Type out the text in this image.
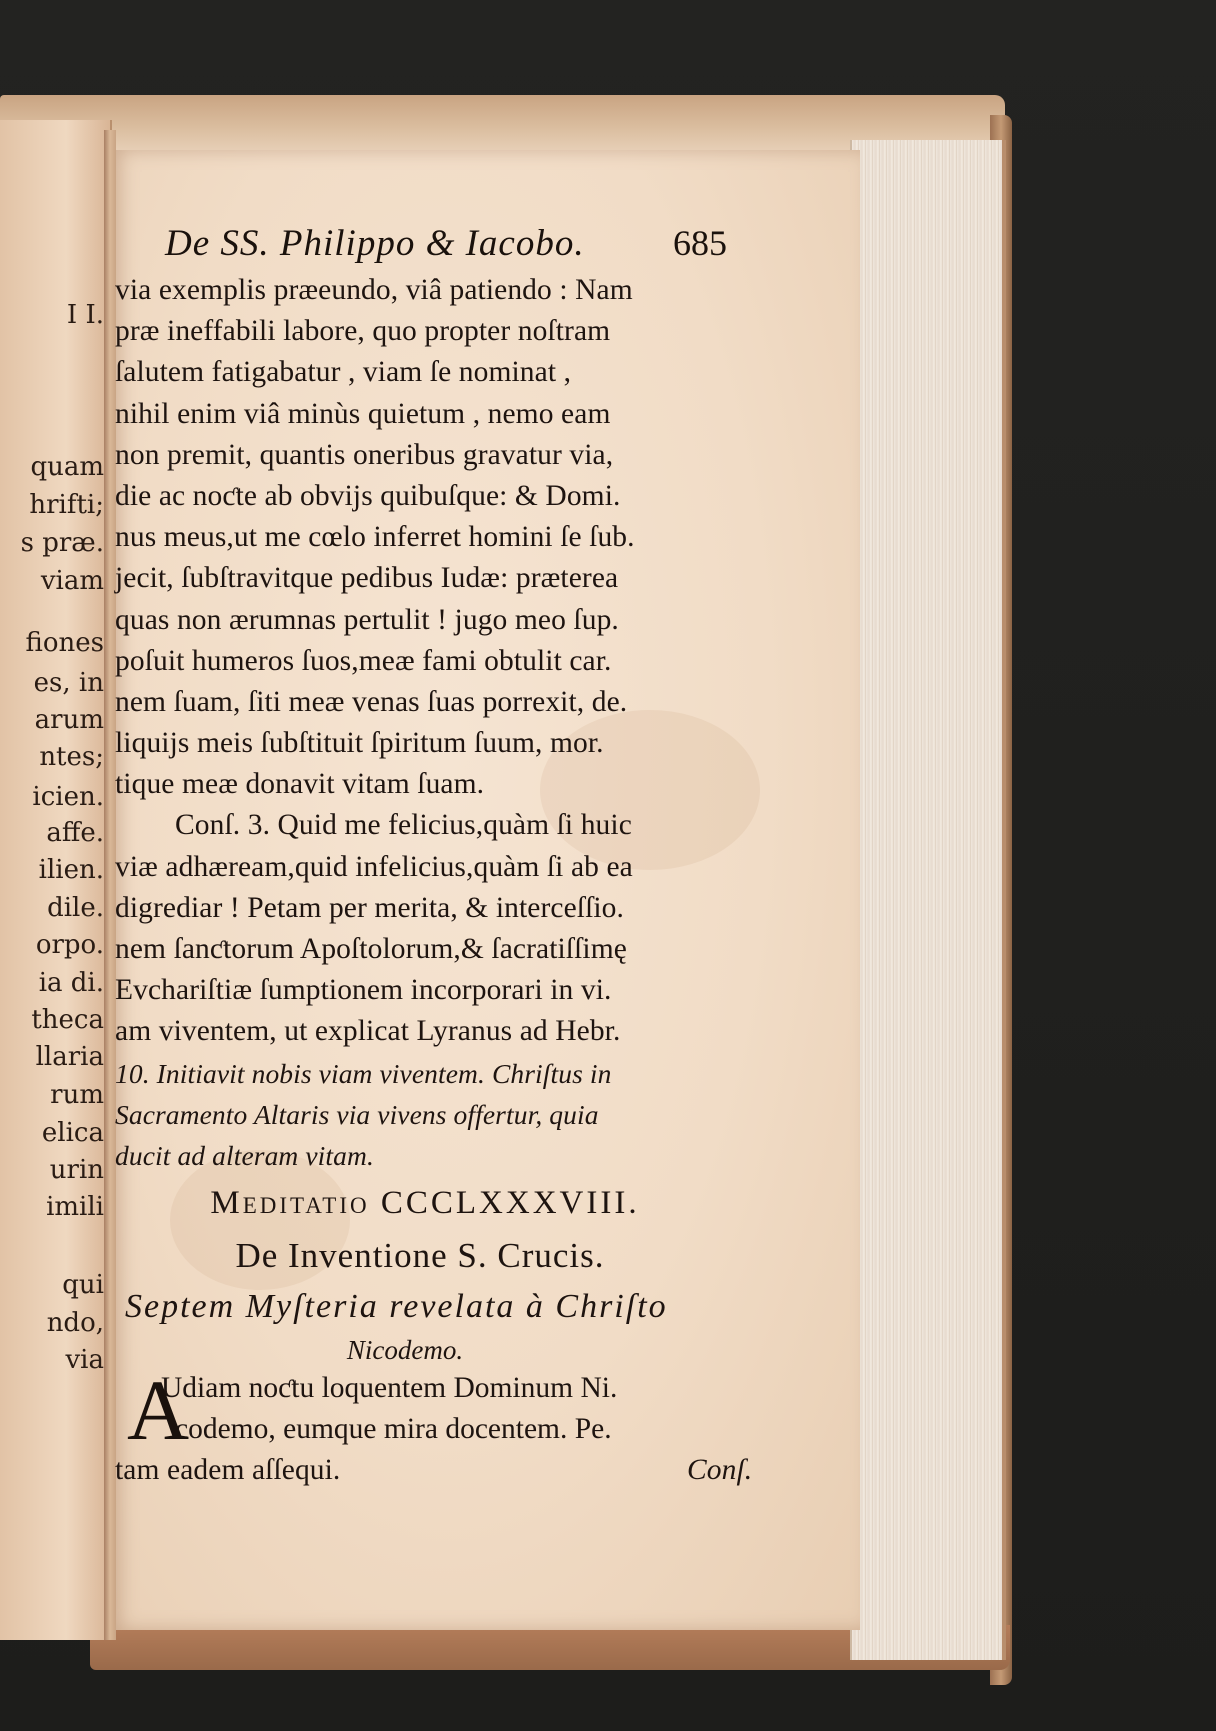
I I.
quam
hrifti;
s præ.
viam
fiones
es, in
arum
ntes;
icien.
affe.
ilien.
dile.
orpo.
ia di.
theca
llaria
rum
elica
urin
imili
qui
ndo,
via
De SS. Philippo & Iacobo. 685
via exemplis præeundo, viâ patiendo : Nam
præ ineffabili labore, quo propter noſtram
ſalutem fatigabatur , viam ſe nominat ,
nihil enim viâ minùs quietum , nemo eam
non premit, quantis oneribus gravatur via,
die ac noƈte ab obvijs quibuſque: & Domi.
nus meus,ut me cœlo inferret homini ſe ſub.
jecit, ſubſtravitque pedibus Iudæ: præterea
quas non ærumnas pertulit ! jugo meo ſup.
poſuit humeros ſuos,meæ fami obtulit car.
nem ſuam, ſiti meæ venas ſuas porrexit, de.
liquijs meis ſubſtituit ſpiritum ſuum, mor.
tique meæ donavit vitam ſuam.
Conſ. 3. Quid me felicius,quàm ſi huic
viæ adhæream,quid infelicius,quàm ſi ab ea
digrediar ! Petam per merita, & interceſſio.
nem ſanƈtorum Apoſtolorum,& ſacratiſſimę
Evchariſtiæ ſumptionem incorporari in vi.
am viventem, ut explicat Lyranus ad Hebr.
10. Initiavit nobis viam viventem. Chriſtus in
Sacramento Altaris via vivens offertur, quia
ducit ad alteram vitam.
Meditatio CCCLXXXVIII.
De Inventione S. Crucis.
Septem Myſteria revelata à Chriſto
Nicodemo.
A
Udiam noƈtu loquentem Dominum Ni.
codemo, eumque mira docentem. Pe.
tam eadem aſſequi.	Conſ.
